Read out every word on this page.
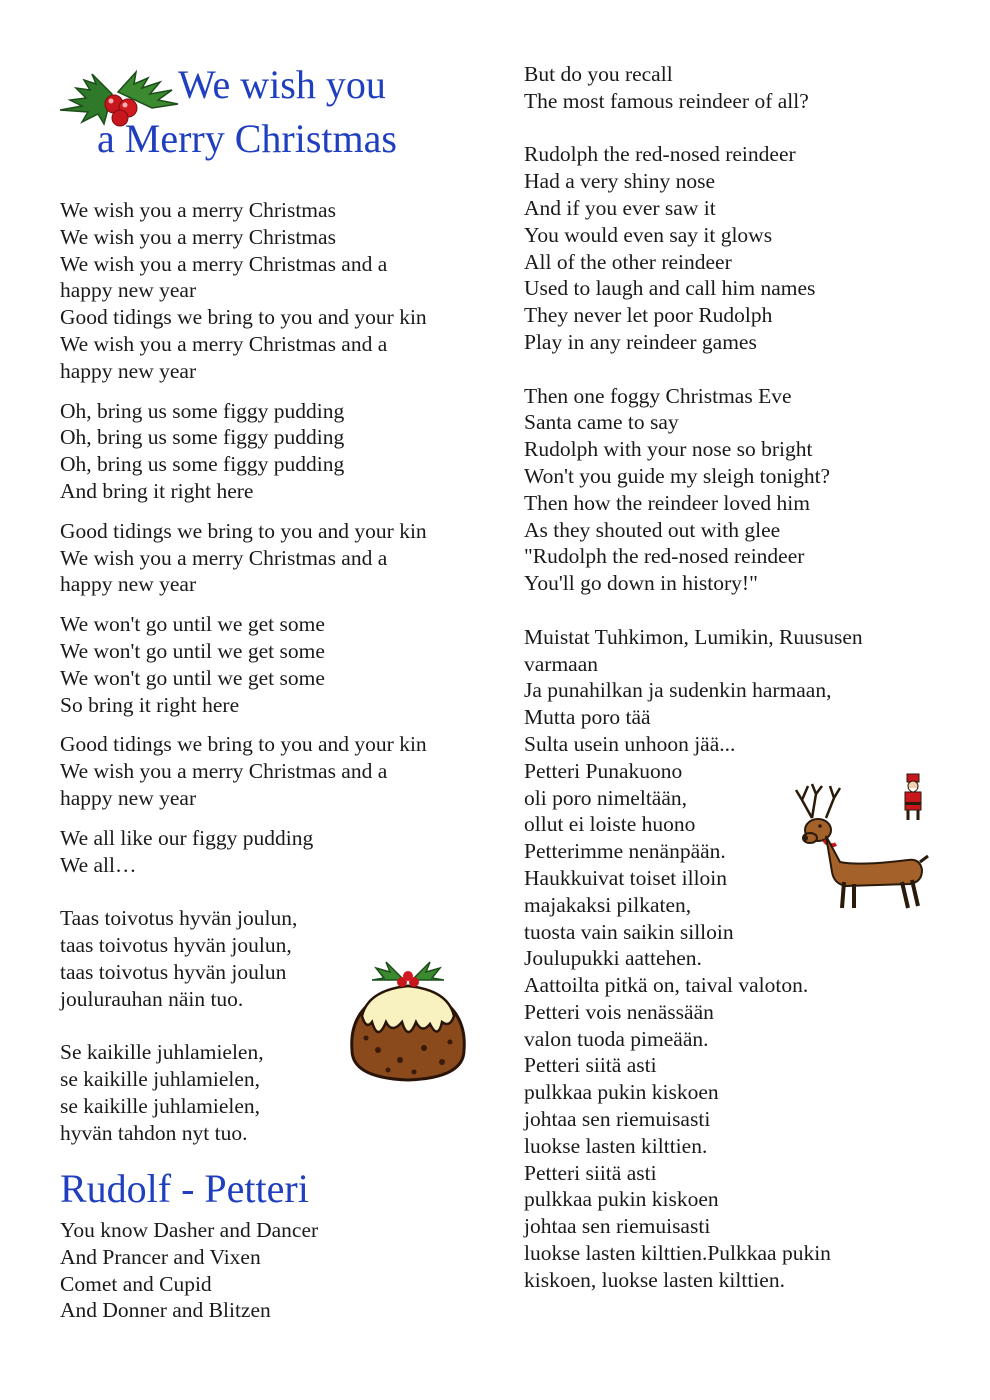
We wish you
a Merry Christmas

We wish you a merry Christmas
We wish you a merry Christmas
We wish you a merry Christmas and a
happy new year
Good tidings we bring to you and your kin
We wish you a merry Christmas and a
happy new year

Oh, bring us some figgy pudding
Oh, bring us some figgy pudding
Oh, bring us some figgy pudding
And bring it right here

Good tidings we bring to you and your kin
We wish you a merry Christmas and a
happy new year

We won't go until we get some
We won't go until we get some
We won't go until we get some
So bring it right here

Good tidings we bring to you and your kin
We wish you a merry Christmas and a
happy new year

We all like our figgy pudding
We all…

Taas toivotus hyvän joulun,
taas toivotus hyvän joulun,
taas toivotus hyvän joulun
joulurauhan näin tuo.

Se kaikille juhlamielen,
se kaikille juhlamielen,
se kaikille juhlamielen,
hyvän tahdon nyt tuo.

Rudolf - Petteri

You know Dasher and Dancer
And Prancer and Vixen
Comet and Cupid
And Donner and Blitzen

But do you recall
The most famous reindeer of all?

Rudolph the red-nosed reindeer
Had a very shiny nose
And if you ever saw it
You would even say it glows
All of the other reindeer
Used to laugh and call him names
They never let poor Rudolph
Play in any reindeer games

Then one foggy Christmas Eve
Santa came to say
Rudolph with your nose so bright
Won't you guide my sleigh tonight?
Then how the reindeer loved him
As they shouted out with glee
"Rudolph the red-nosed reindeer
You'll go down in history!"

Muistat Tuhkimon, Lumikin, Ruususen
varmaan
Ja punahilkan ja sudenkin harmaan,
Mutta poro tää
Sulta usein unhoon jää...
Petteri Punakuono
oli poro nimeltään,
ollut ei loiste huono
Petterimme nenänpään.
Haukkuivat toiset illoin
majakaksi pilkaten,
tuosta vain saikin silloin
Joulupukki aattehen.
Aattoilta pitkä on, taival valoton.
Petteri vois nenässään
valon tuoda pimeään.
Petteri siitä asti
pulkkaa pukin kiskoen
johtaa sen riemuisasti
luokse lasten kilttien.
Petteri siitä asti
pulkkaa pukin kiskoen
johtaa sen riemuisasti
luokse lasten kilttien.Pulkkaa pukin
kiskoen, luokse lasten kilttien.
